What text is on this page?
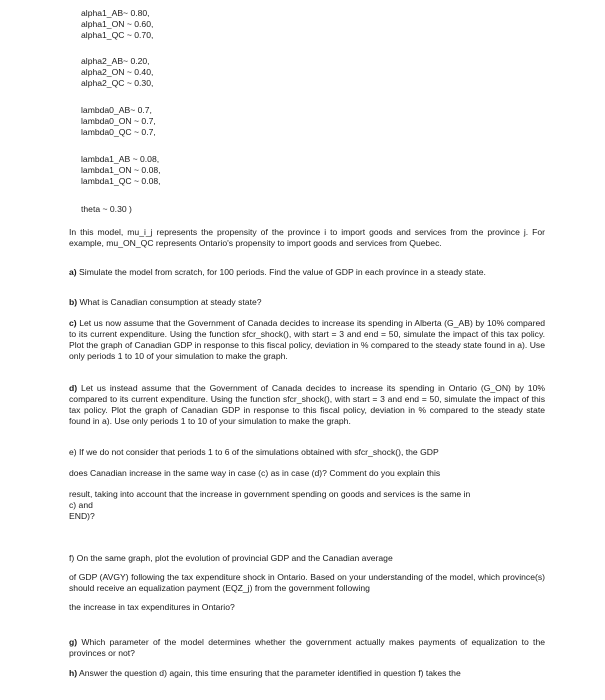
alpha1_AB~ 0.80,
alpha1_ON ~ 0.60,
alpha1_QC ~ 0.70,
alpha2_AB~ 0.20,
alpha2_ON ~ 0.40,
alpha2_QC ~ 0.30,
lambda0_AB~ 0.7,
lambda0_ON ~ 0.7,
lambda0_QC ~ 0.7,
lambda1_AB ~ 0.08,
lambda1_ON ~ 0.08,
lambda1_QC ~ 0.08,
theta ~ 0.30 )
In this model, mu_i_j represents the propensity of the province i to import goods and services from the province j. For example, mu_ON_QC represents Ontario's propensity to import goods and services from Quebec.
a) Simulate the model from scratch, for 100 periods. Find the value of GDP in each province in a steady state.
b) What is Canadian consumption at steady state?
c) Let us now assume that the Government of Canada decides to increase its spending in Alberta (G_AB) by 10% compared to its current expenditure. Using the function sfcr_shock(), with start = 3 and end = 50, simulate the impact of this tax policy. Plot the graph of Canadian GDP in response to this fiscal policy, deviation in % compared to the steady state found in a). Use only periods 1 to 10 of your simulation to make the graph.
d) Let us instead assume that the Government of Canada decides to increase its spending in Ontario (G_ON) by 10% compared to its current expenditure. Using the function sfcr_shock(), with start = 3 and end = 50, simulate the impact of this tax policy. Plot the graph of Canadian GDP in response to this fiscal policy, deviation in % compared to the steady state found in a). Use only periods 1 to 10 of your simulation to make the graph.
e) If we do not consider that periods 1 to 6 of the simulations obtained with sfcr_shock(), the GDP
does Canadian increase in the same way in case (c) as in case (d)? Comment do you explain this
result, taking into account that the increase in government spending on goods and services is the same in
c) and
END)?
f) On the same graph, plot the evolution of provincial GDP and the Canadian average
of GDP (AVGY) following the tax expenditure shock in Ontario. Based on your understanding of the model, which province(s) should receive an equalization payment (EQZ_j) from the government following
the increase in tax expenditures in Ontario?
g) Which parameter of the model determines whether the government actually makes payments of equalization to the provinces or not?
h) Answer the question d) again, this time ensuring that the parameter identified in question f) takes the
